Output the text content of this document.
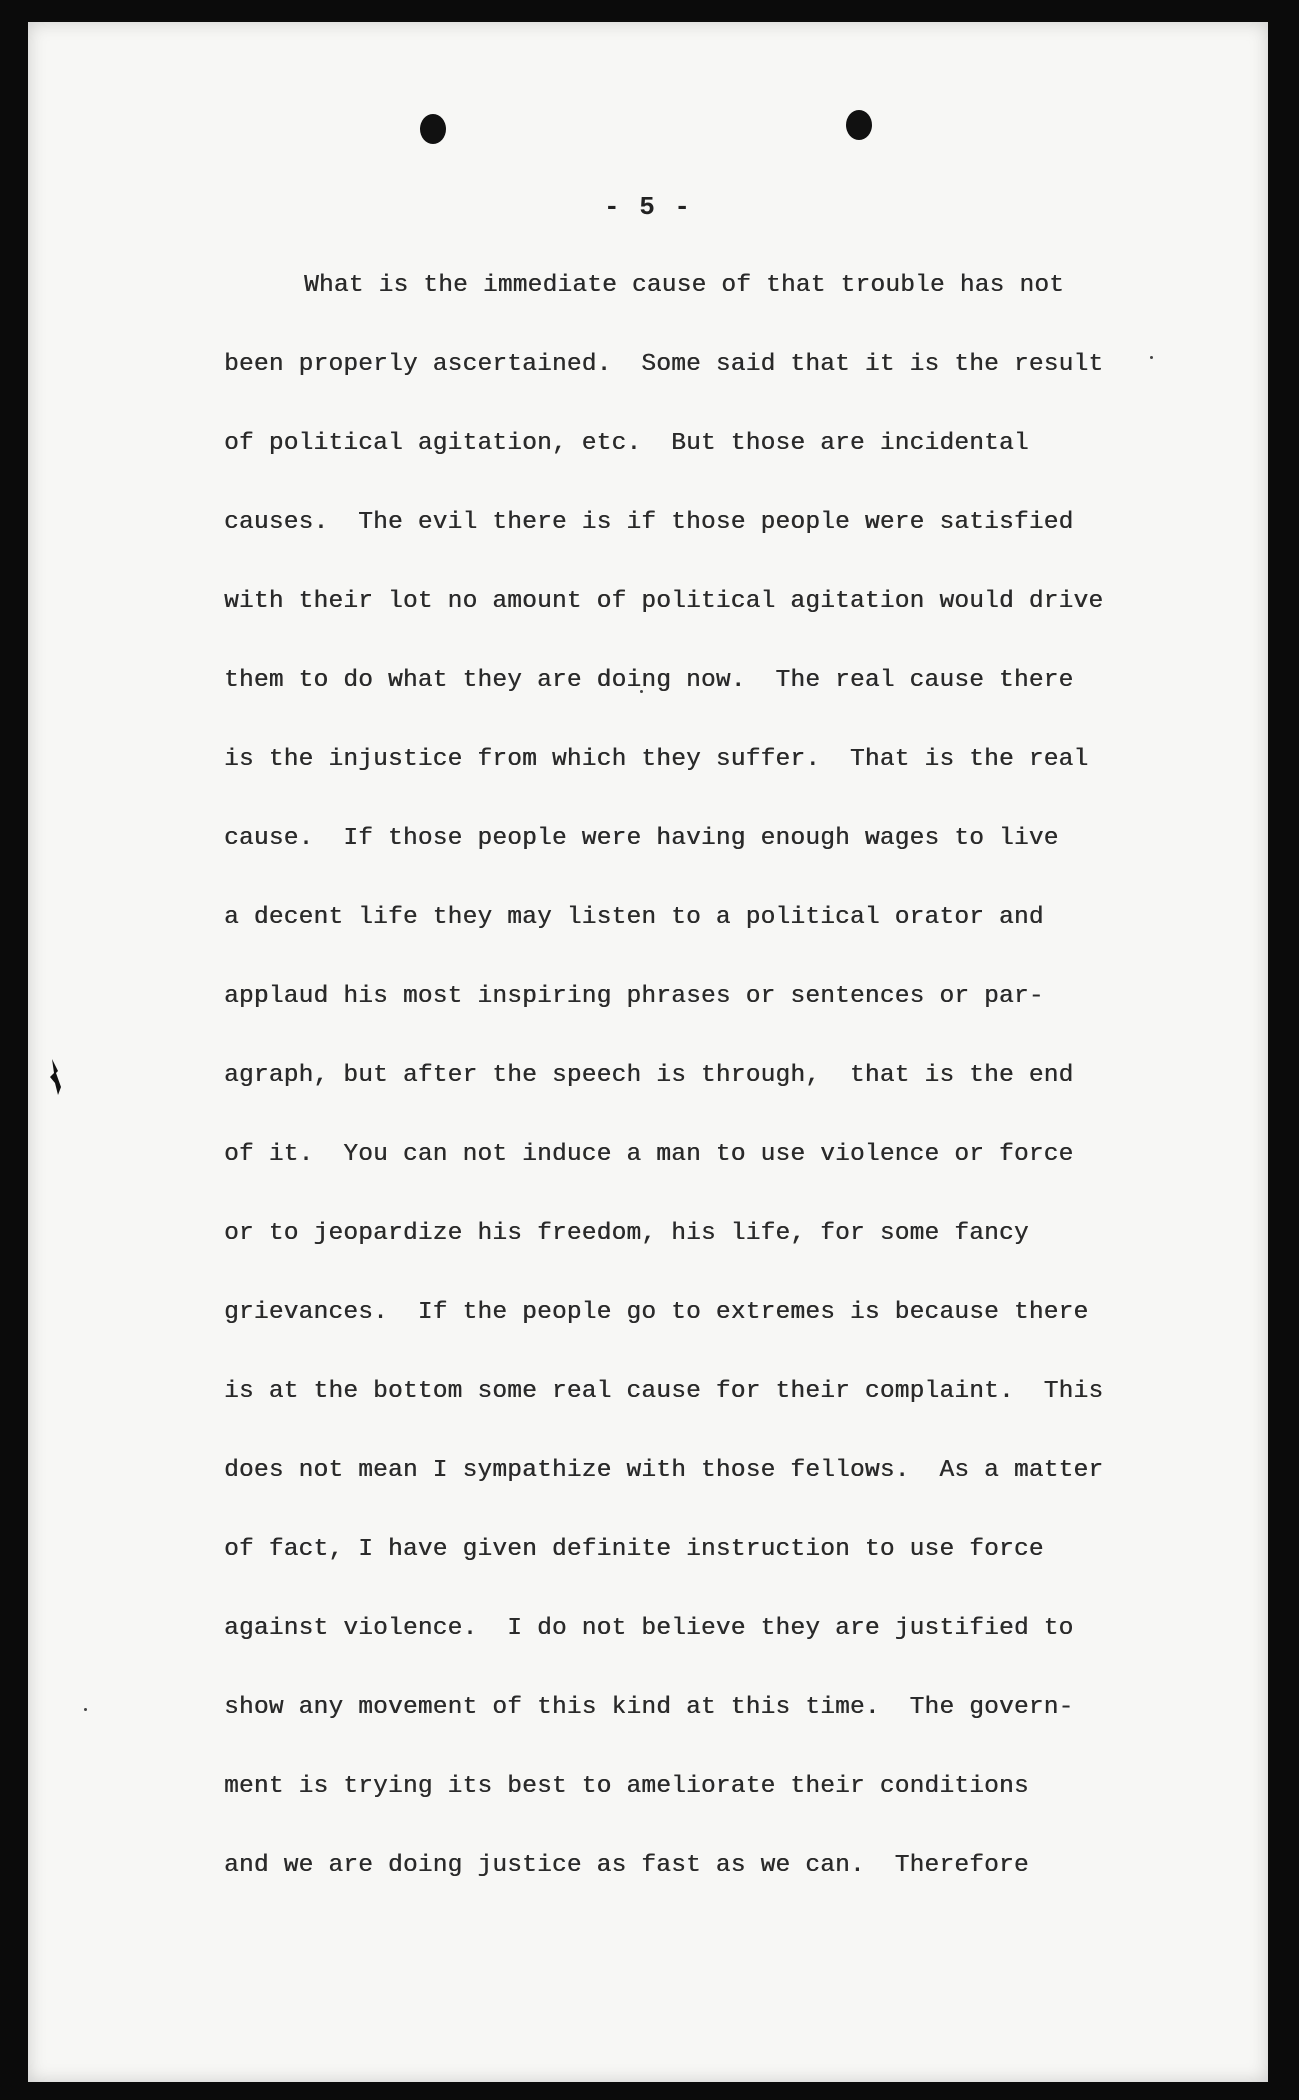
- 5 -
What is the immediate cause of that trouble has not
been properly ascertained.  Some said that it is the result
of political agitation, etc.  But those are incidental
causes.  The evil there is if those people were satisfied
with their lot no amount of political agitation would drive
them to do what they are doing now.  The real cause there
is the injustice from which they suffer.  That is the real
cause.  If those people were having enough wages to live
a decent life they may listen to a political orator and
applaud his most inspiring phrases or sentences or par-
agraph, but after the speech is through,  that is the end
of it.  You can not induce a man to use violence or force
or to jeopardize his freedom, his life, for some fancy
grievances.  If the people go to extremes is because there
is at the bottom some real cause for their complaint.  This
does not mean I sympathize with those fellows.  As a matter
of fact, I have given definite instruction to use force
against violence.  I do not believe they are justified to
show any movement of this kind at this time.  The govern-
ment is trying its best to ameliorate their conditions
and we are doing justice as fast as we can.  Therefore
